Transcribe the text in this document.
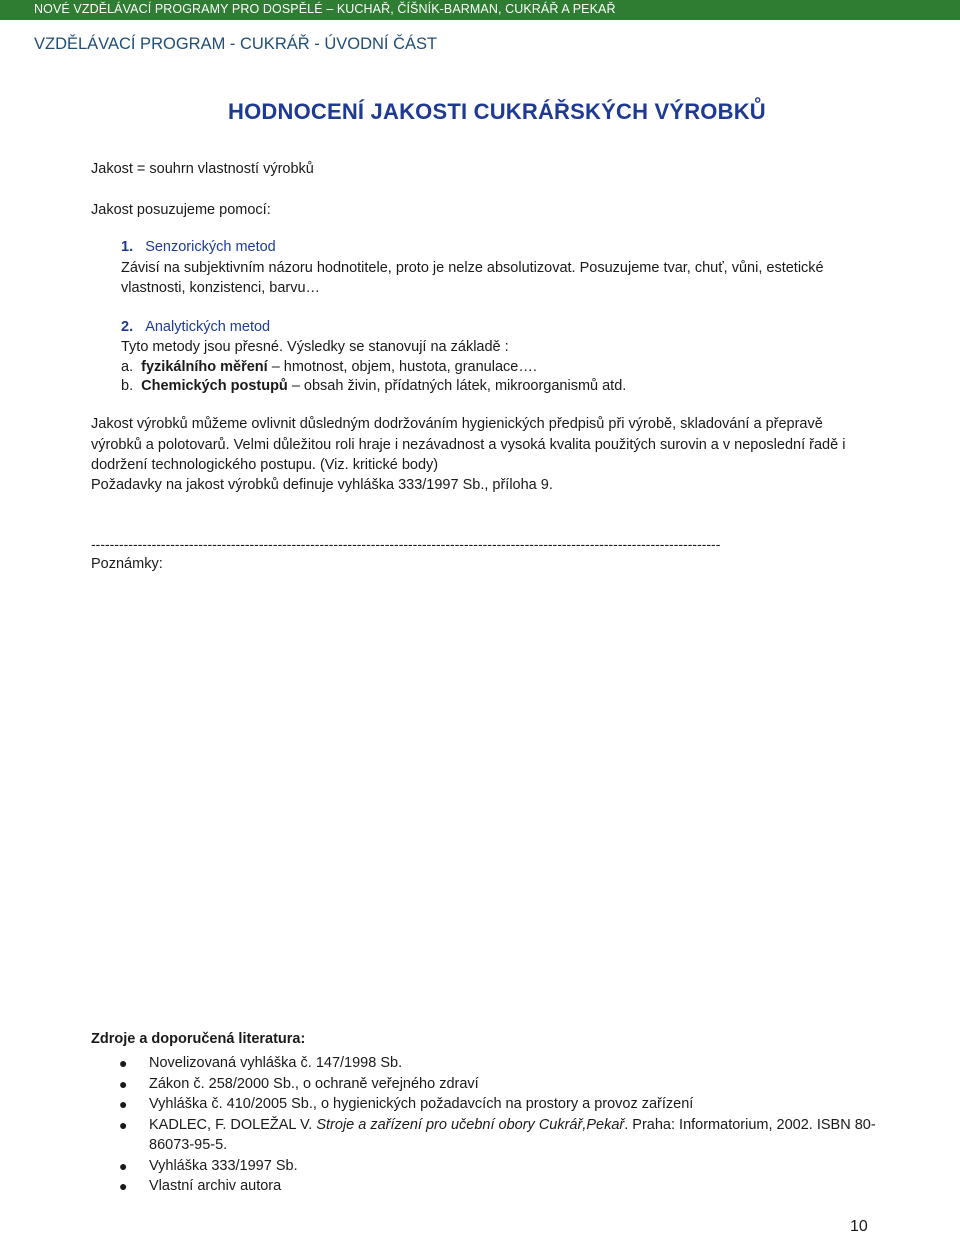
NOVÉ VZDĚLÁVACÍ PROGRAMY PRO DOSPĚLÉ – KUCHAŘ, ČÍŠNÍK-BARMAN, CUKRÁŘ A PEKAŘ
VZDĚLÁVACÍ PROGRAM - CUKRÁŘ - ÚVODNÍ ČÁST
HODNOCENÍ JAKOSTI CUKRÁŘSKÝCH VÝROBKŮ
Jakost = souhrn vlastností výrobků
Jakost posuzujeme pomocí:
1. Senzorických metod
Závisí na subjektivním názoru hodnotitele, proto je nelze absolutizovat. Posuzujeme tvar, chuť, vůni, estetické
vlastnosti, konzistenci, barvu…
2. Analytických metod
Tyto metody jsou přesné. Výsledky se stanovují na základě :
a. fyzikálního měření – hmotnost, objem, hustota, granulace….
b. Chemických postupů – obsah živin, přídatných látek, mikroorganismů atd.
Jakost výrobků můžeme ovlivnit důsledným dodržováním hygienických předpisů při výrobě, skladování a přepravě
výrobků a polotovarů. Velmi důležitou roli hraje i nezávadnost a vysoká kvalita použitých surovin a v neposlední řadě i
dodržení technologického postupu. (Viz. kritické body)
Požadavky na jakost výrobků definuje vyhláška 333/1997 Sb., příloha 9.
---------------------------------------------------------------------------------------------------------------------------------------
Poznámky:
Zdroje a doporučená literatura:
● Novelizovaná vyhláška č. 147/1998 Sb.
● Zákon č. 258/2000 Sb., o ochraně veřejného zdraví
● Vyhláška č. 410/2005 Sb., o hygienických požadavcích na prostory a provoz zařízení
● KADLEC, F. DOLEŽAL V. Stroje a zařízení pro učební obory Cukrář,Pekař. Praha: Informatorium, 2002. ISBN 80-
86073-95-5.
● Vyhláška 333/1997 Sb.
● Vlastní archiv autora
10
